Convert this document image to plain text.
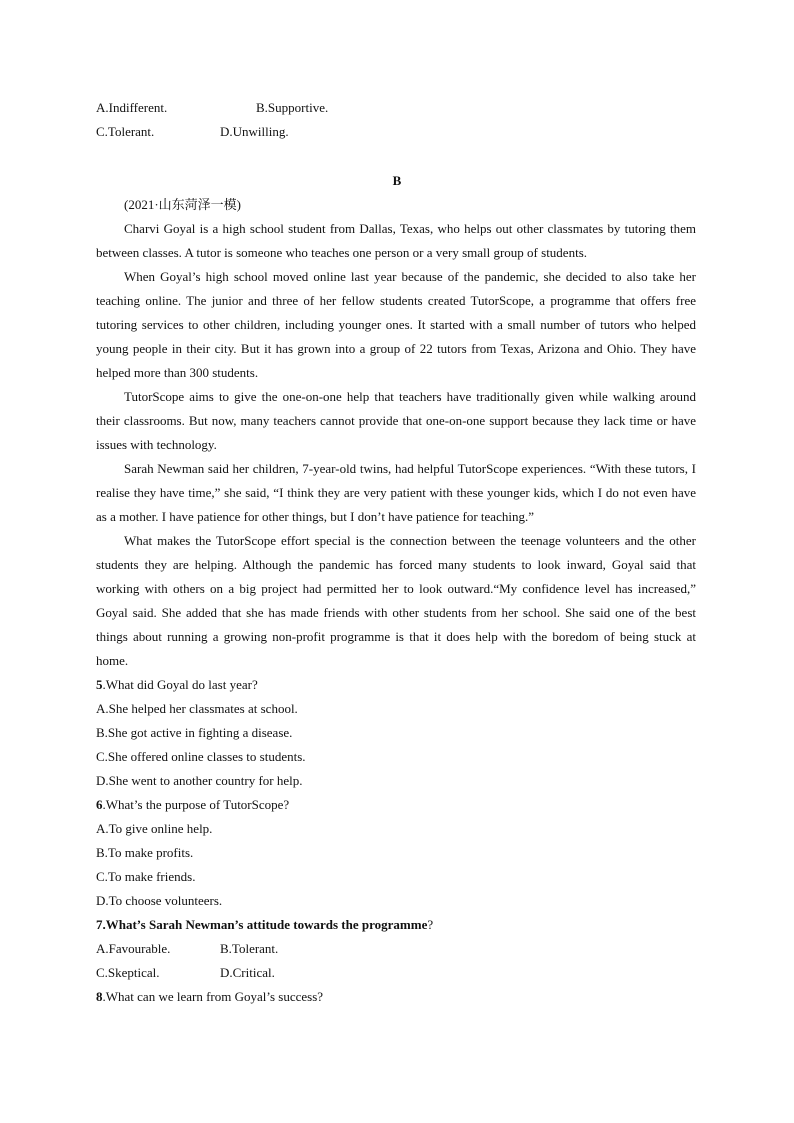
A.Indifferent.	B.Supportive.
C.Tolerant.	D.Unwilling.
B
(2021·山东菏泽一模)
Charvi Goyal is a high school student from Dallas, Texas, who helps out other classmates by tutoring them between classes. A tutor is someone who teaches one person or a very small group of students.
When Goyal’s high school moved online last year because of the pandemic, she decided to also take her teaching online. The junior and three of her fellow students created TutorScope, a programme that offers free tutoring services to other children, including younger ones. It started with a small number of tutors who helped young people in their city. But it has grown into a group of 22 tutors from Texas, Arizona and Ohio. They have helped more than 300 students.
TutorScope aims to give the one-on-one help that teachers have traditionally given while walking around their classrooms. But now, many teachers cannot provide that one-on-one support because they lack time or have issues with technology.
Sarah Newman said her children, 7-year-old twins, had helpful TutorScope experiences. “With these tutors, I realise they have time,” she said, “I think they are very patient with these younger kids, which I do not even have as a mother. I have patience for other things, but I don’t have patience for teaching.”
What makes the TutorScope effort special is the connection between the teenage volunteers and the other students they are helping. Although the pandemic has forced many students to look inward, Goyal said that working with others on a big project had permitted her to look outward.“My confidence level has increased,” Goyal said. She added that she has made friends with other students from her school. She said one of the best things about running a growing non-profit programme is that it does help with the boredom of being stuck at home.
5.What did Goyal do last year?
A.She helped her classmates at school.
B.She got active in fighting a disease.
C.She offered online classes to students.
D.She went to another country for help.
6.What’s the purpose of TutorScope?
A.To give online help.
B.To make profits.
C.To make friends.
D.To choose volunteers.
7.What’s Sarah Newman’s attitude towards the programme?
A.Favourable.	B.Tolerant.
C.Skeptical.	D.Critical.
8.What can we learn from Goyal’s success?
